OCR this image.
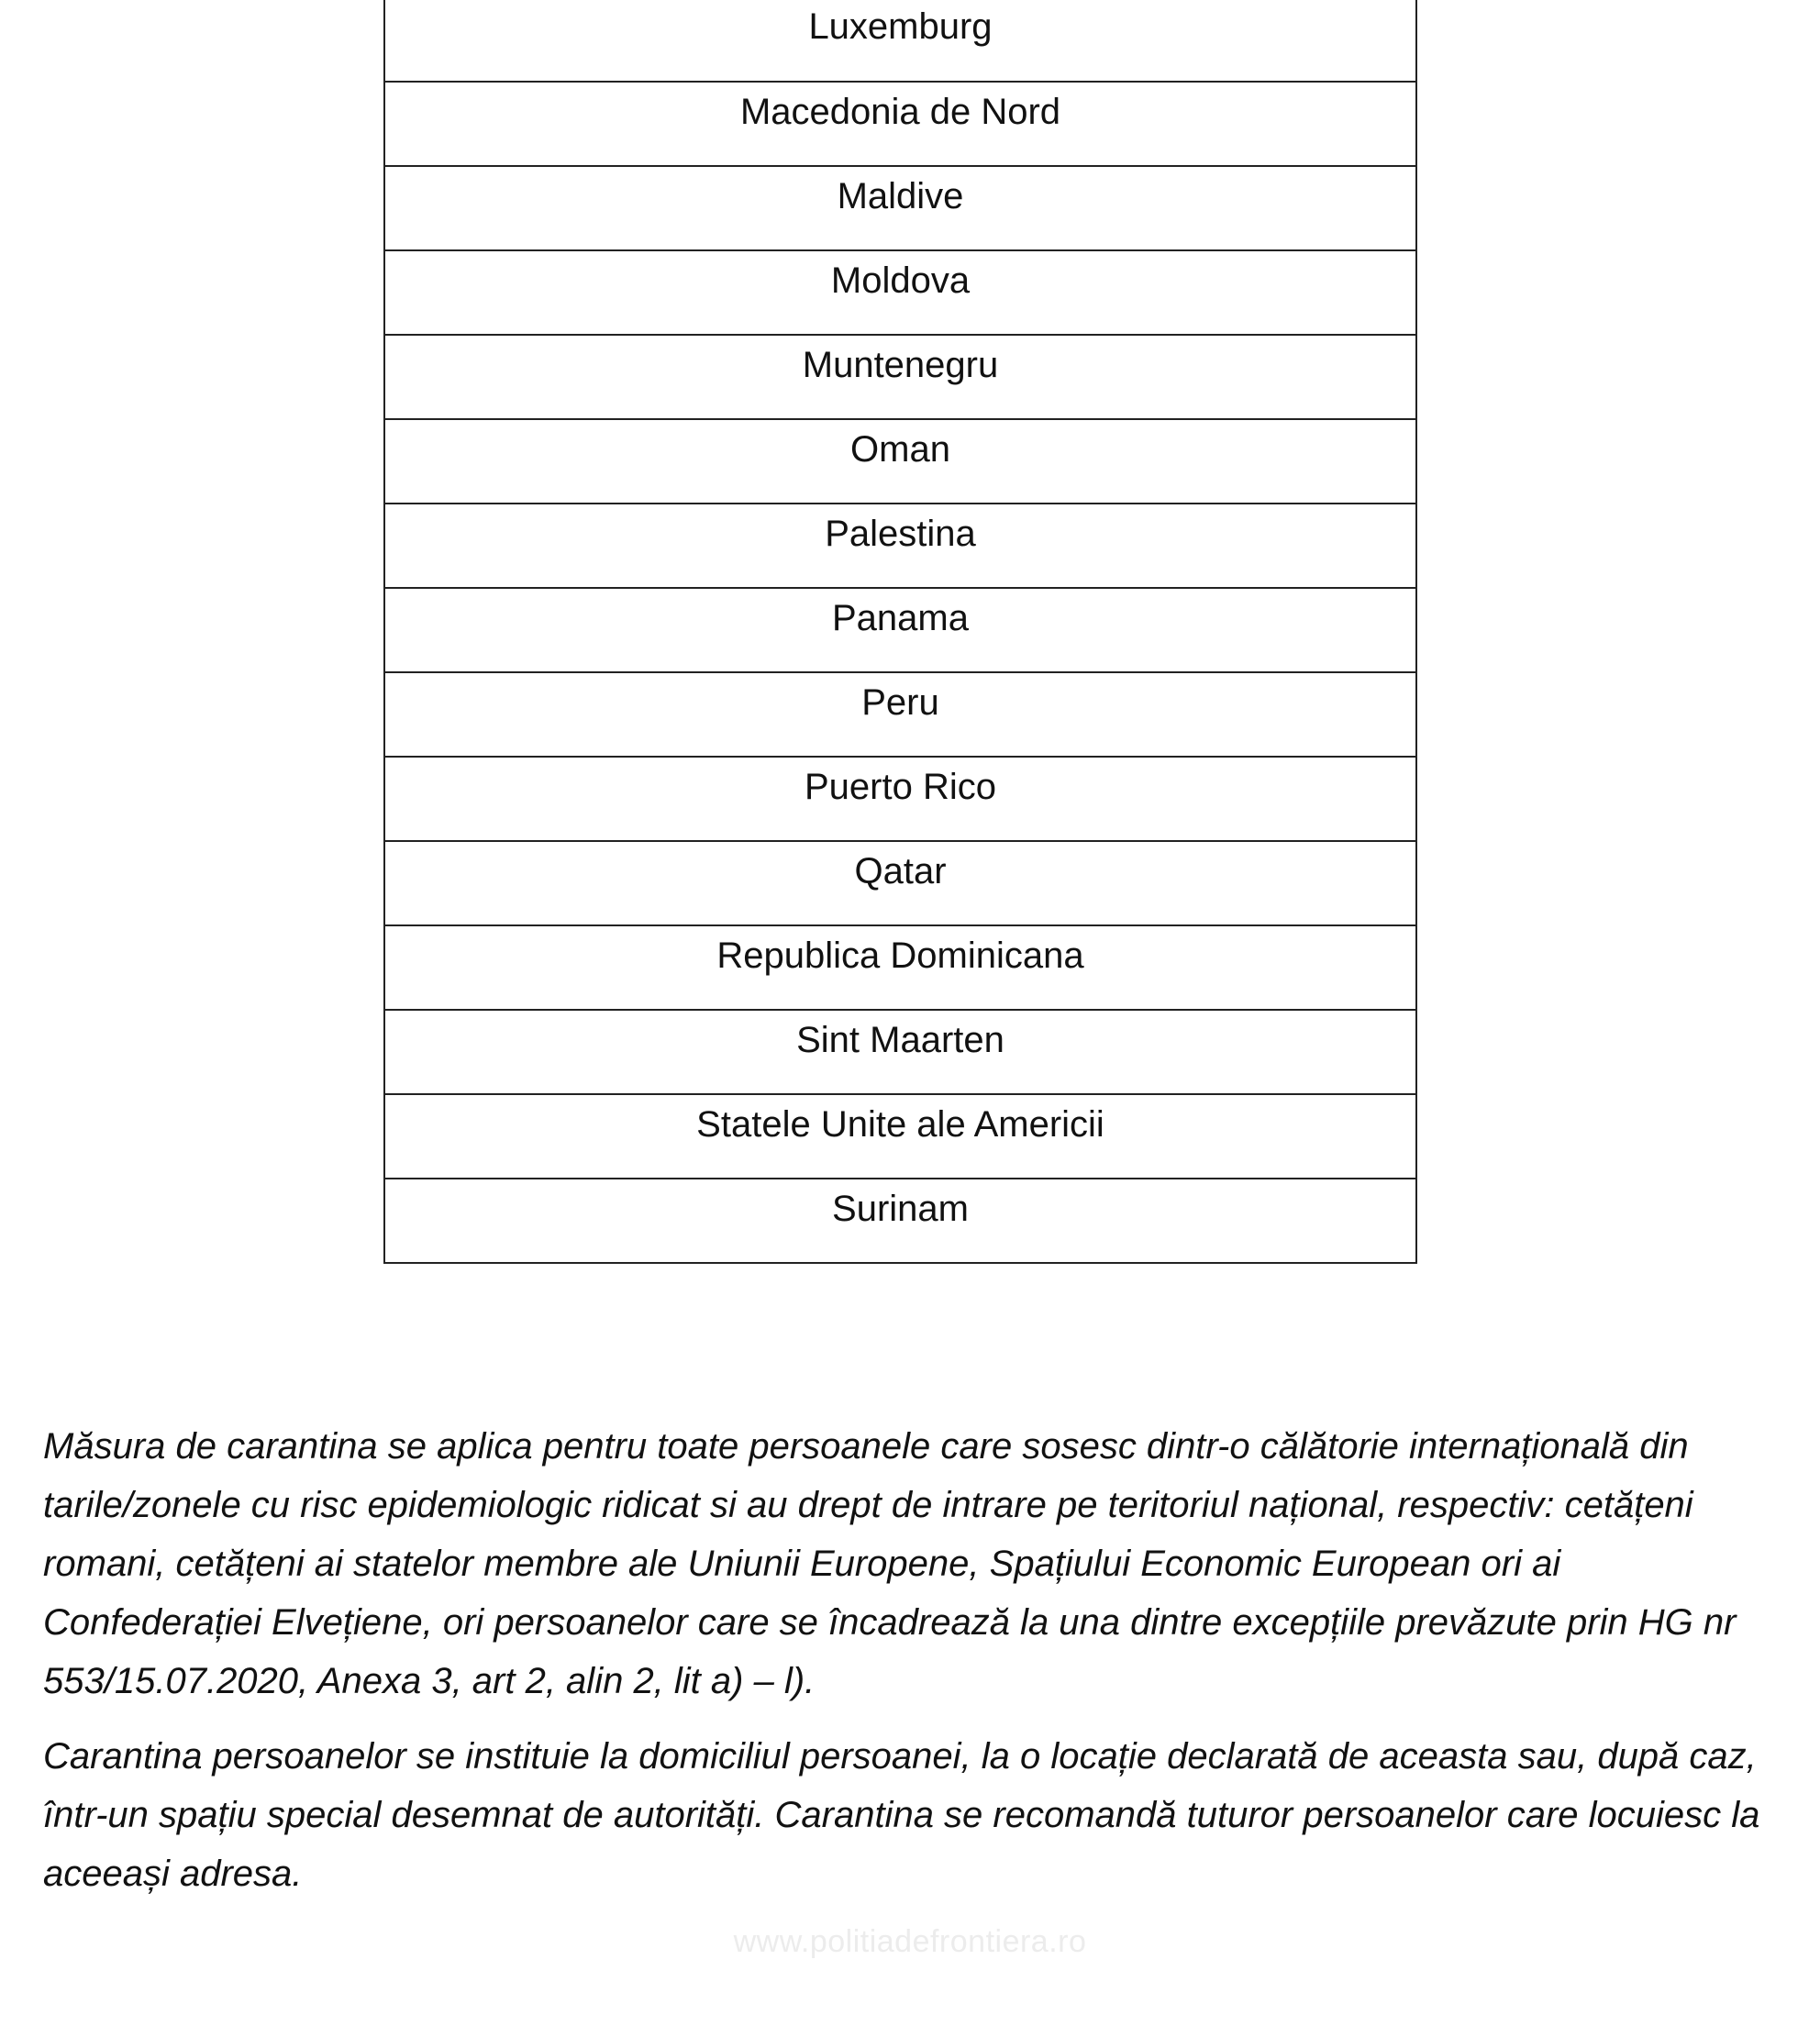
Luxemburg
Macedonia de Nord
Maldive
Moldova
Muntenegru
Oman
Palestina
Panama
Peru
Puerto Rico
Qatar
Republica Dominicana
Sint Maarten
Statele Unite ale Americii
Surinam

Măsura de carantina se aplica pentru toate persoanele care sosesc dintr-o călătorie internațională din tarile/zonele cu risc epidemiologic ridicat si au drept de intrare pe teritoriul național, respectiv: cetățeni romani, cetățeni ai statelor membre ale Uniunii Europene, Spațiului Economic European ori ai Confederației Elvețiene, ori persoanelor care se încadrează la una dintre excepțiile prevăzute prin HG nr 553/15.07.2020, Anexa 3, art 2, alin 2, lit a) – l).

Carantina persoanelor se instituie la domiciliul persoanei, la o locație declarată de aceasta sau, după caz, într-un spațiu special desemnat de autorități. Carantina se recomandă tuturor persoanelor care locuiesc la aceeași adresa.

www.politiadefrontiera.ro
